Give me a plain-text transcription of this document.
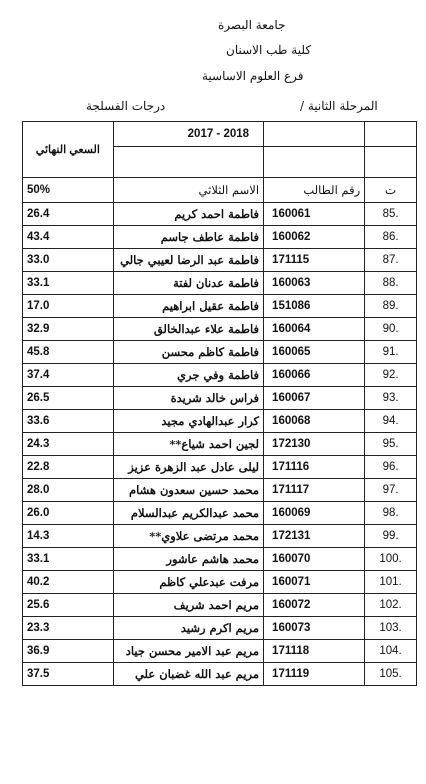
جامعة البصرة
كلية طب الاسنان
فرع العلوم الاساسية
المرحلة الثانية /
درجات الفسلجة
السعي النهائي	2017 - 2018		

50%	الاسم الثلاثي	رقم الطالب	ت
26.4	فاطمة احمد كريم	160061	85.
43.4	فاطمة عاطف جاسم	160062	86.
33.0	فاطمة عبد الرضا لعيبي جالي	171115	87.
33.1	فاطمة عدنان لفتة	160063	88.
17.0	فاطمة عقيل ابراهيم	151086	89.
32.9	فاطمة علاء عبدالخالق	160064	90.
45.8	فاطمة كاظم محسن	160065	91.
37.4	فاطمة وفي جري	160066	92.
26.5	فراس خالد شريدة	160067	93.
33.6	كرار عبدالهادي مجيد	160068	94.
24.3	لجين احمد شياع**	172130	95.
22.8	ليلى عادل عبد الزهرة عزيز	171116	96.
28.0	محمد حسين سعدون هشام	171117	97.
26.0	محمد عبدالكريم عبدالسلام	160069	98.
14.3	محمد مرتضى علاوي**	172131	99.
33.1	محمد هاشم عاشور	160070	100.
40.2	مرفت عبدعلي كاظم	160071	101.
25.6	مريم احمد شريف	160072	102.
23.3	مريم اكرم رشيد	160073	103.
36.9	مريم عبد الامير محسن جياد	171118	104.
37.5	مريم عبد الله غضبان علي	171119	105.
